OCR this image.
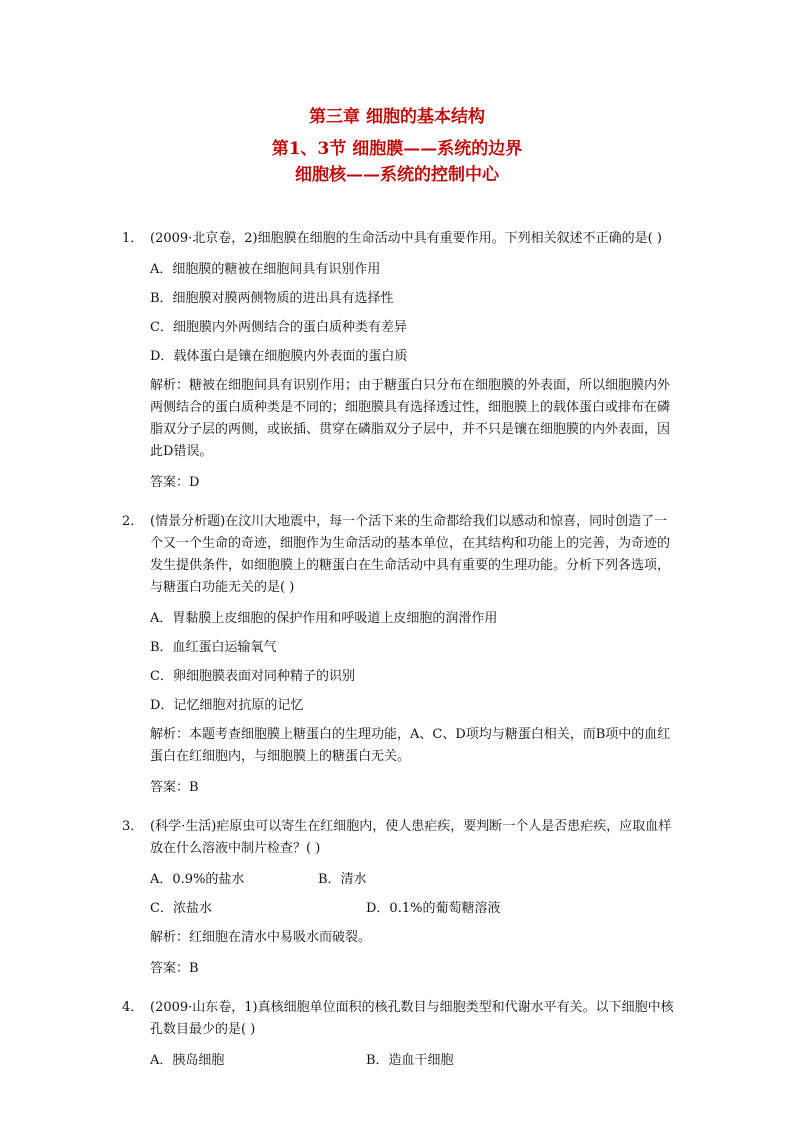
第三章 细胞的基本结构
第1、3节 细胞膜——系统的边界
细胞核——系统的控制中心
1． (2009·北京卷，2)细胞膜在细胞的生命活动中具有重要作用。下列相关叙述不正确的是( )

A．细胞膜的糖被在细胞间具有识别作用
B．细胞膜对膜两侧物质的进出具有选择性
C．细胞膜内外两侧结合的蛋白质种类有差异
D．载体蛋白是镶在细胞膜内外表面的蛋白质
解析：糖被在细胞间具有识别作用；由于糖蛋白只分布在细胞膜的外表面，所以细胞膜内外两侧结合的蛋白质种类是不同的；细胞膜具有选择透过性，细胞膜上的载体蛋白或排布在磷脂双分子层的两侧，或嵌插、贯穿在磷脂双分子层中，并不只是镶在细胞膜的内外表面，因此D错误。
答案：D
2． (情景分析题)在汶川大地震中，每一个活下来的生命都给我们以感动和惊喜，同时创造了一个又一个生命的奇迹，细胞作为生命活动的基本单位，在其结构和功能上的完善，为奇迹的发生提供条件，如细胞膜上的糖蛋白在生命活动中具有重要的生理功能。分析下列各选项，与糖蛋白功能无关的是( )

A．胃黏膜上皮细胞的保护作用和呼吸道上皮细胞的润滑作用
B．血红蛋白运输氧气
C．卵细胞膜表面对同种精子的识别
D．记忆细胞对抗原的记忆
解析：本题考查细胞膜上糖蛋白的生理功能，A、C、D项均与糖蛋白相关，而B项中的血红蛋白在红细胞内，与细胞膜上的糖蛋白无关。
答案：B
3． (科学·生活)疟原虫可以寄生在红细胞内，使人患疟疾，要判断一个人是否患疟疾，应取血样放在什么溶液中制片检查？( )

A．0.9%的盐水	B．清水
C．浓盐水	D．0.1%的葡萄糖溶液
解析：红细胞在清水中易吸水而破裂。
答案：B
4． (2009·山东卷，1)真核细胞单位面积的核孔数目与细胞类型和代谢水平有关。以下细胞中核孔数目最少的是( )

A．胰岛细胞	B．造血干细胞
